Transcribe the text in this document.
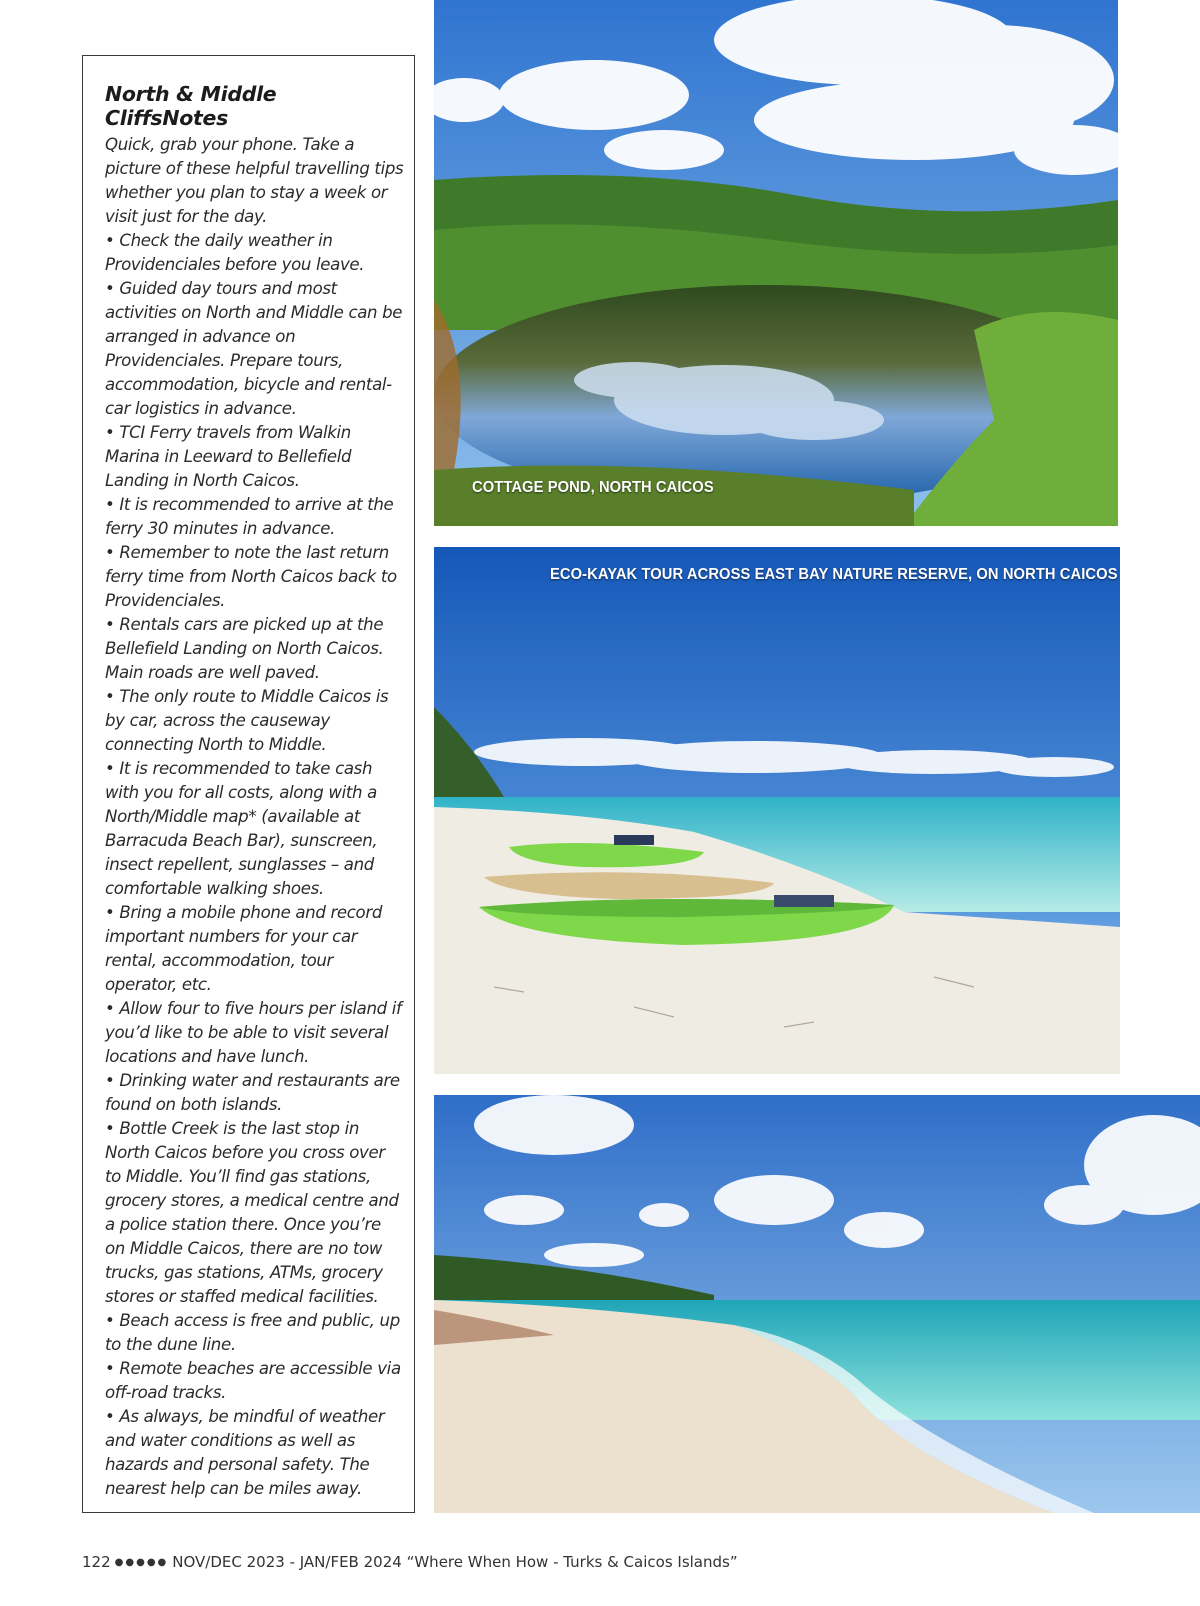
North & Middle CliffsNotes

Quick, grab your phone. Take a picture of these helpful travelling tips whether you plan to stay a week or visit just for the day.

• Check the daily weather in Providenciales before you leave.

• Guided day tours and most activities on North and Middle can be arranged in advance on Providenciales. Prepare tours, accommodation, bicycle and rental-car logistics in advance.

• TCI Ferry travels from Walkin Marina in Leeward to Bellefield Landing in North Caicos.

• It is recommended to arrive at the ferry 30 minutes in advance.

• Remember to note the last return ferry time from North Caicos back to Providenciales.

• Rentals cars are picked up at the Bellefield Landing on North Caicos. Main roads are well paved.

• The only route to Middle Caicos is by car, across the causeway connecting North to Middle.

• It is recommended to take cash with you for all costs, along with a North/Middle map* (available at Barracuda Beach Bar), sunscreen, insect repellent, sunglasses – and comfortable walking shoes.

• Bring a mobile phone and record important numbers for your car rental, accommodation, tour operator, etc.

• Allow four to five hours per island if you’d like to be able to visit several locations and have lunch.

• Drinking water and restaurants are found on both islands.

• Bottle Creek is the last stop in North Caicos before you cross over to Middle. You’ll find gas stations, grocery stores, a medical centre and a police station there. Once you’re on Middle Caicos, there are no tow trucks, gas stations, ATMs, grocery stores or staffed medical facilities.

• Beach access is free and public, up to the dune line.

• Remote beaches are accessible via off-road tracks.

• As always, be mindful of weather and water conditions as well as hazards and personal safety. The nearest help can be miles away.

COTTAGE POND, NORTH CAICOS
ECO-KAYAK TOUR ACROSS EAST BAY NATURE RESERVE, ON NORTH CAICOS
122 ●●●●● NOV/DEC 2023 - JAN/FEB 2024 “Where When How - Turks & Caicos Islands”
